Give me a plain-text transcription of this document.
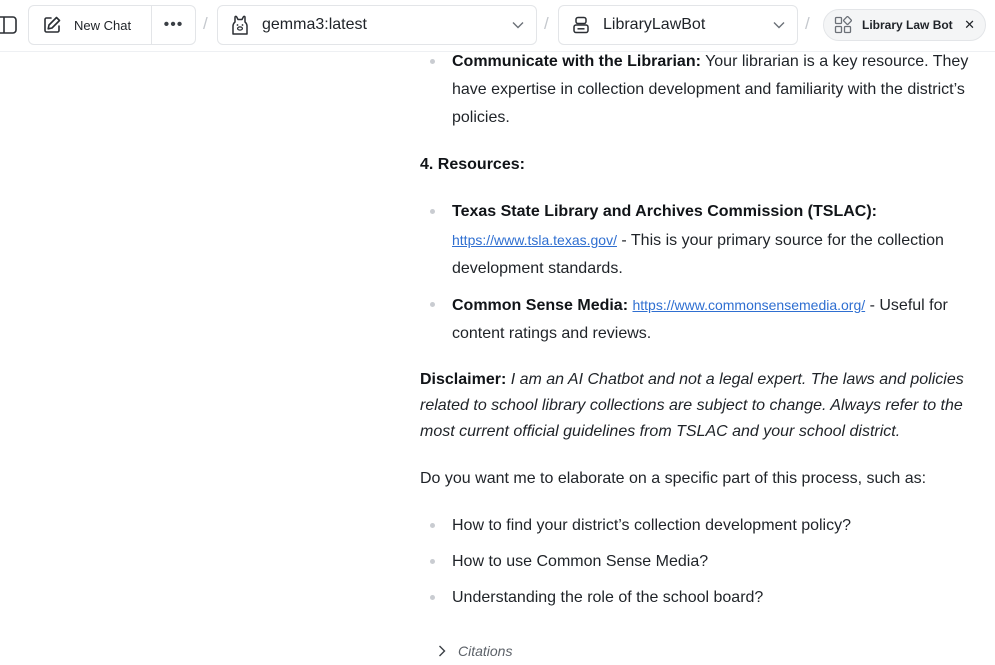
New Chat ••• /	gemma3:latest	/	LibraryLawBot	/	Library Law Bot ✕
Communicate with the Librarian: Your librarian is a key resource. They have expertise in collection development and familiarity with the district’s policies.
4. Resources:
Texas State Library and Archives Commission (TSLAC):
https://www.tsla.texas.gov/ - This is your primary source for the collection development standards.
Common Sense Media: https://www.commonsensemedia.org/ - Useful for content ratings and reviews.

Disclaimer: I am an AI Chatbot and not a legal expert. The laws and policies related to school library collections are subject to change. Always refer to the most current official guidelines from TSLAC and your school district.

Do you want me to elaborate on a specific part of this process, such as:

How to find your district’s collection development policy?
How to use Common Sense Media?
Understanding the role of the school board?
Citations
